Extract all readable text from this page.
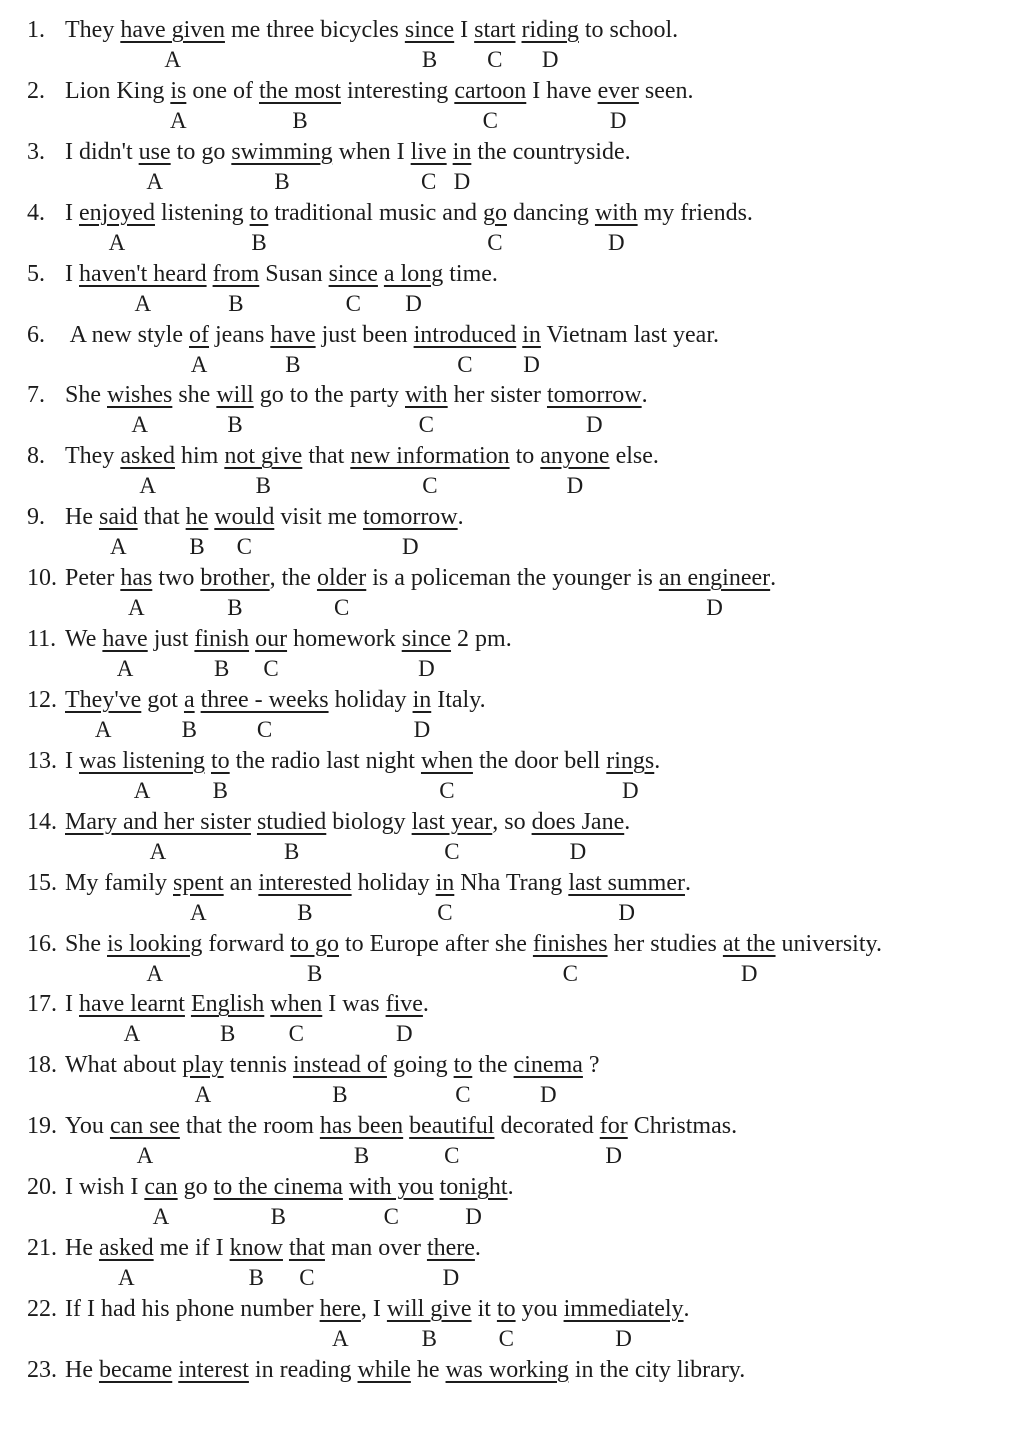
1. They have given
A
me three bicycles since
B
I start
C
riding
D
to school.
2. Lion King is
A
one of the most
B
interesting cartoon
C
I have ever
D
seen.
3. I didn't use
A
to go swimming
B
when I live
C
in
D
the countryside.
4. I enjoyed
A
listening to
B
traditional music and go
C
dancing with
D
my friends.
5. I haven't heard
A
from
B
Susan since
C
a long
D
time.
6. A new style of
A
jeans have
B
just been introduced
C
in
D
Vietnam last year.
7. She wishes
A
she will
B
go to the party with
C
her sister tomorrow
D
.
8. They asked
A
him not give
B
that new information
C
to anyone
D
else.
9. He said
A
that he
B
would
C
visit me tomorrow
D
.
10. Peter has
A
two brother
B
, the older
C
is a policeman the younger is an engineer
D
.
11. We have
A
just finish
B
our
C
homework since
D
2 pm.
12. They've
A
got a
B
three - weeks
C
holiday in
D
Italy.
13. I was listening
A
to
B
the radio last night when
C
the door bell rings
D
.
14. Mary and her sister
A
studied
B
biology last year
C
, so does Jane
D
.
15. My family spent
A
an interested
B
holiday in
C
Nha Trang last summer
D
.
16. She is looking
A
forward to go
B
to Europe after she finishes
C
her studies at the
D
university.
17. I have learnt
A
English
B
when
C
I was five
D
.
18. What about play
A
tennis instead of
B
going to
C
the cinema
D
?
19. You can see
A
that the room has been
B
beautiful
C
decorated for
D
Christmas.
20. I wish I can
A
go to the cinema
B
with you
C
tonight
D
.
21. He asked
A
me if I know
B
that
C
man over there
D
.
22. If I had his phone number here
A
, I will give
B
it to
C
you immediately
D
.
23. He became interest in reading while he was working in the city library.
